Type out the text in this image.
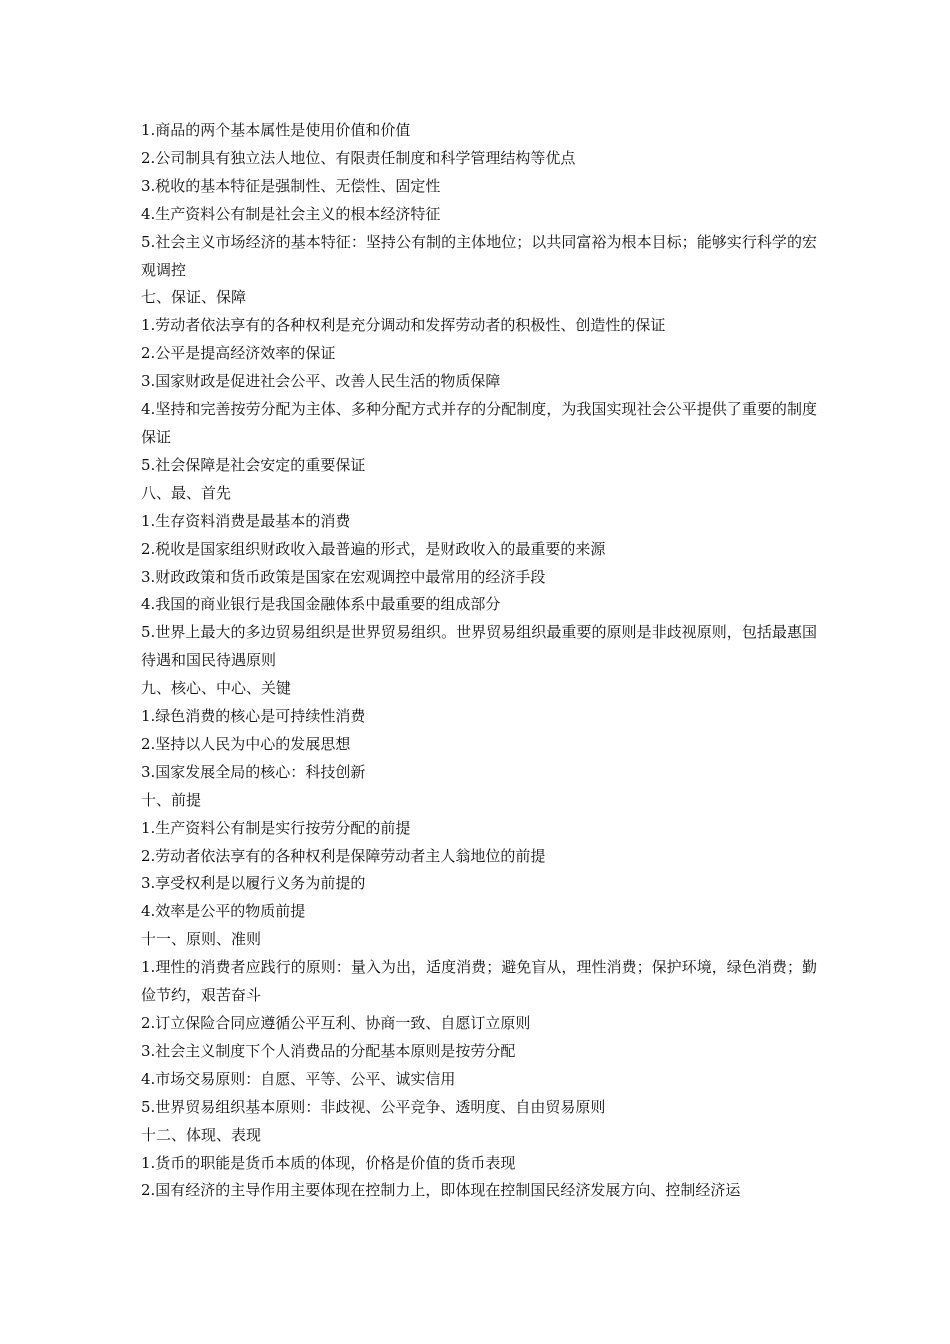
1.商品的两个基本属性是使用价值和价值

2.公司制具有独立法人地位、有限责任制度和科学管理结构等优点

3.税收的基本特征是强制性、无偿性、固定性

4.生产资料公有制是社会主义的根本经济特征

5.社会主义市场经济的基本特征：坚持公有制的主体地位；以共同富裕为根本目标；能够实行科学的宏观调控

七、保证、保障

1.劳动者依法享有的各种权利是充分调动和发挥劳动者的积极性、创造性的保证

2.公平是提高经济效率的保证

3.国家财政是促进社会公平、改善人民生活的物质保障

4.坚持和完善按劳分配为主体、多种分配方式并存的分配制度，为我国实现社会公平提供了重要的制度保证

5.社会保障是社会安定的重要保证

八、最、首先

1.生存资料消费是最基本的消费

2.税收是国家组织财政收入最普遍的形式，是财政收入的最重要的来源

3.财政政策和货币政策是国家在宏观调控中最常用的经济手段

4.我国的商业银行是我国金融体系中最重要的组成部分

5.世界上最大的多边贸易组织是世界贸易组织。世界贸易组织最重要的原则是非歧视原则，包括最惠国待遇和国民待遇原则

九、核心、中心、关键

1.绿色消费的核心是可持续性消费

2.坚持以人民为中心的发展思想

3.国家发展全局的核心：科技创新

十、前提

1.生产资料公有制是实行按劳分配的前提

2.劳动者依法享有的各种权利是保障劳动者主人翁地位的前提

3.享受权利是以履行义务为前提的

4.效率是公平的物质前提

十一、原则、准则

1.理性的消费者应践行的原则：量入为出，适度消费；避免盲从，理性消费；保护环境，绿色消费；勤俭节约，艰苦奋斗

2.订立保险合同应遵循公平互利、协商一致、自愿订立原则

3.社会主义制度下个人消费品的分配基本原则是按劳分配

4.市场交易原则：自愿、平等、公平、诚实信用

5.世界贸易组织基本原则：非歧视、公平竞争、透明度、自由贸易原则

十二、体现、表现

1.货币的职能是货币本质的体现，价格是价值的货币表现

2.国有经济的主导作用主要体现在控制力上，即体现在控制国民经济发展方向、控制经济运
